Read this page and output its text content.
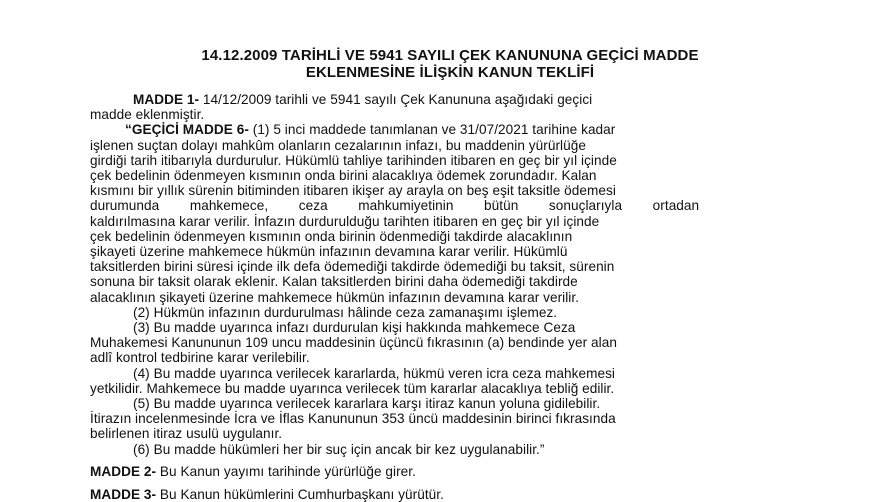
14.12.2009 TARİHLİ VE 5941 SAYILI ÇEK KANUNUNA GEÇİCİ MADDE
EKLENMESİNE İLİŞKİN KANUN TEKLİFİ
MADDE 1- 14/12/2009 tarihli ve 5941 sayılı Çek Kanununa aşağıdaki geçici
madde eklenmiştir.
“GEÇİCİ MADDE 6- (1) 5 inci maddede tanımlanan ve 31/07/2021 tarihine kadar
işlenen suçtan dolayı mahkûm olanların cezalarının infazı, bu maddenin yürürlüğe
girdiği tarih itibarıyla durdurulur. Hükümlü tahliye tarihinden itibaren en geç bir yıl içinde
çek bedelinin ödenmeyen kısmının onda birini alacaklıya ödemek zorundadır. Kalan
kısmını bir yıllık sürenin bitiminden itibaren ikişer ay arayla on beş eşit taksitle ödemesi
durumunda        mahkemece,        ceza        mahkumiyetinin        bütün        sonuçlarıyla        ortadan
kaldırılmasına karar verilir. İnfazın durdurulduğu tarihten itibaren en geç bir yıl içinde
çek bedelinin ödenmeyen kısmının onda birinin ödenmediği takdirde alacaklının
şikayeti üzerine mahkemece hükmün infazının devamına karar verilir. Hükümlü
taksitlerden birini süresi içinde ilk defa ödemediği takdirde ödemediği bu taksit, sürenin
sonuna bir taksit olarak eklenir. Kalan taksitlerden birini daha ödemediği takdirde
alacaklının şikayeti üzerine mahkemece hükmün infazının devamına karar verilir.
(2) Hükmün infazının durdurulması hâlinde ceza zamanaşımı işlemez.
(3) Bu madde uyarınca infazı durdurulan kişi hakkında mahkemece Ceza
Muhakemesi Kanununun 109 uncu maddesinin üçüncü fıkrasının (a) bendinde yer alan
adlî kontrol tedbirine karar verilebilir.
(4) Bu madde uyarınca verilecek kararlarda, hükmü veren icra ceza mahkemesi
yetkilidir. Mahkemece bu madde uyarınca verilecek tüm kararlar alacaklıya tebliğ edilir.
(5) Bu madde uyarınca verilecek kararlara karşı itiraz kanun yoluna gidilebilir.
İtirazın incelenmesinde İcra ve İflas Kanununun 353 üncü maddesinin birinci fıkrasında
belirlenen itiraz usulü uygulanır.
(6) Bu madde hükümleri her bir suç için ancak bir kez uygulanabilir.”
MADDE 2- Bu Kanun yayımı tarihinde yürürlüğe girer.
MADDE 3- Bu Kanun hükümlerini Cumhurbaşkanı yürütür.
